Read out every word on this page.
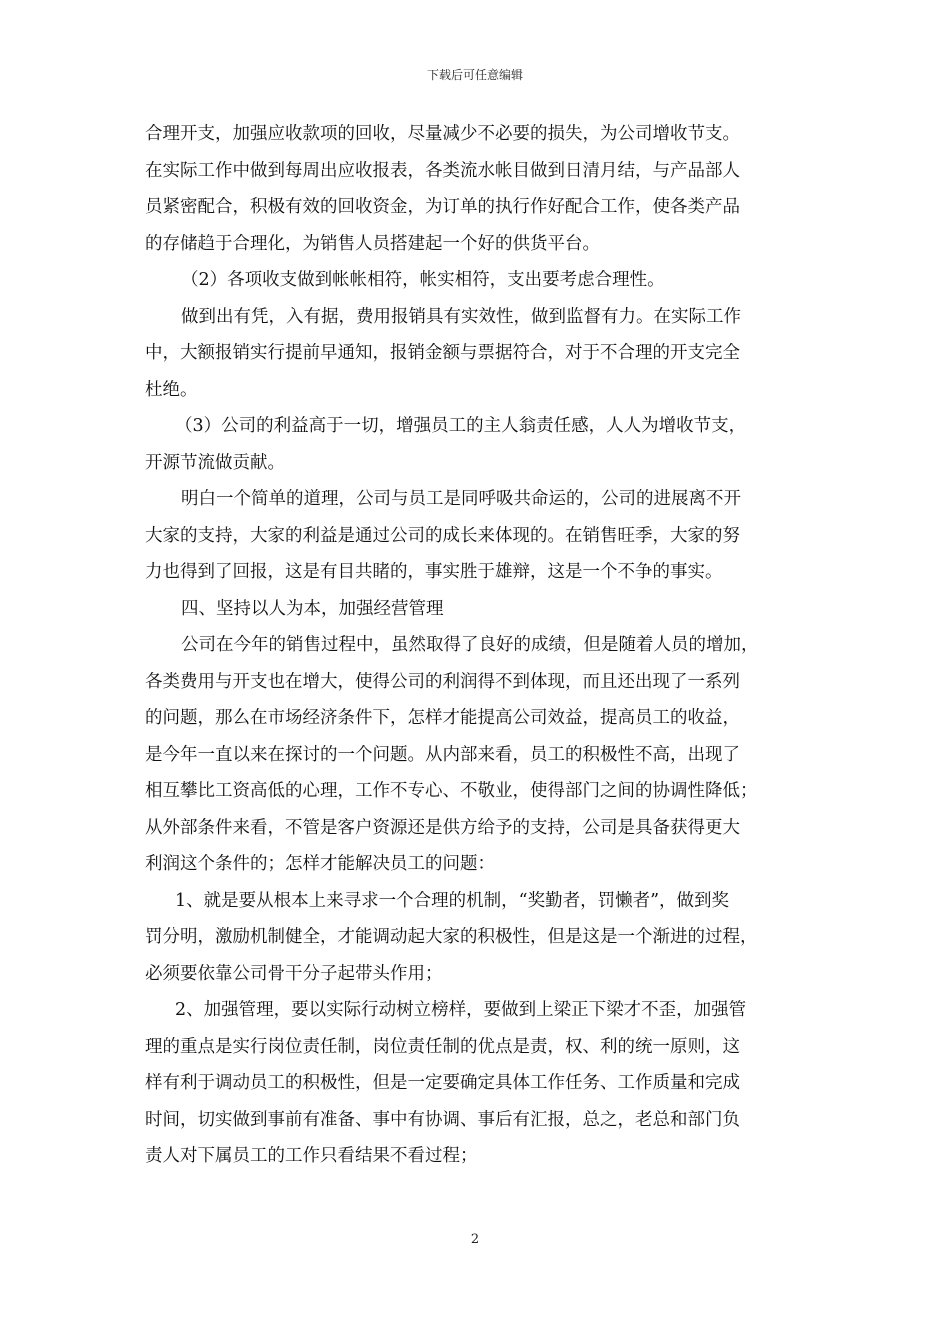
下载后可任意编辑
合理开支，加强应收款项的回收，尽量减少不必要的损失，为公司增收节支。
在实际工作中做到每周出应收报表，各类流水帐目做到日清月结，与产品部人
员紧密配合，积极有效的回收资金，为订单的执行作好配合工作，使各类产品
的存储趋于合理化，为销售人员搭建起一个好的供货平台。
（2）各项收支做到帐帐相符，帐实相符，支出要考虑合理性。
做到出有凭，入有据，费用报销具有实效性，做到监督有力。在实际工作
中，大额报销实行提前早通知，报销金额与票据符合，对于不合理的开支完全
杜绝。
（3）公司的利益高于一切，增强员工的主人翁责任感，人人为增收节支，
开源节流做贡献。
明白一个简单的道理，公司与员工是同呼吸共命运的，公司的进展离不开
大家的支持，大家的利益是通过公司的成长来体现的。在销售旺季，大家的努
力也得到了回报，这是有目共睹的，事实胜于雄辩，这是一个不争的事实。
四、坚持以人为本，加强经营管理
公司在今年的销售过程中，虽然取得了良好的成绩，但是随着人员的增加，
各类费用与开支也在增大，使得公司的利润得不到体现，而且还出现了一系列
的问题，那么在市场经济条件下，怎样才能提高公司效益，提高员工的收益，
是今年一直以来在探讨的一个问题。从内部来看，员工的积极性不高，出现了
相互攀比工资高低的心理，工作不专心、不敬业，使得部门之间的协调性降低；
从外部条件来看，不管是客户资源还是供方给予的支持，公司是具备获得更大
利润这个条件的；怎样才能解决员工的问题：
1、就是要从根本上来寻求一个合理的机制，“奖勤者，罚懒者”，做到奖
罚分明，激励机制健全，才能调动起大家的积极性，但是这是一个渐进的过程，
必须要依靠公司骨干分子起带头作用；
2、加强管理，要以实际行动树立榜样，要做到上梁正下梁才不歪，加强管
理的重点是实行岗位责任制，岗位责任制的优点是责，权、利的统一原则，这
样有利于调动员工的积极性，但是一定要确定具体工作任务、工作质量和完成
时间，切实做到事前有准备、事中有协调、事后有汇报，总之，老总和部门负
责人对下属员工的工作只看结果不看过程；
2
